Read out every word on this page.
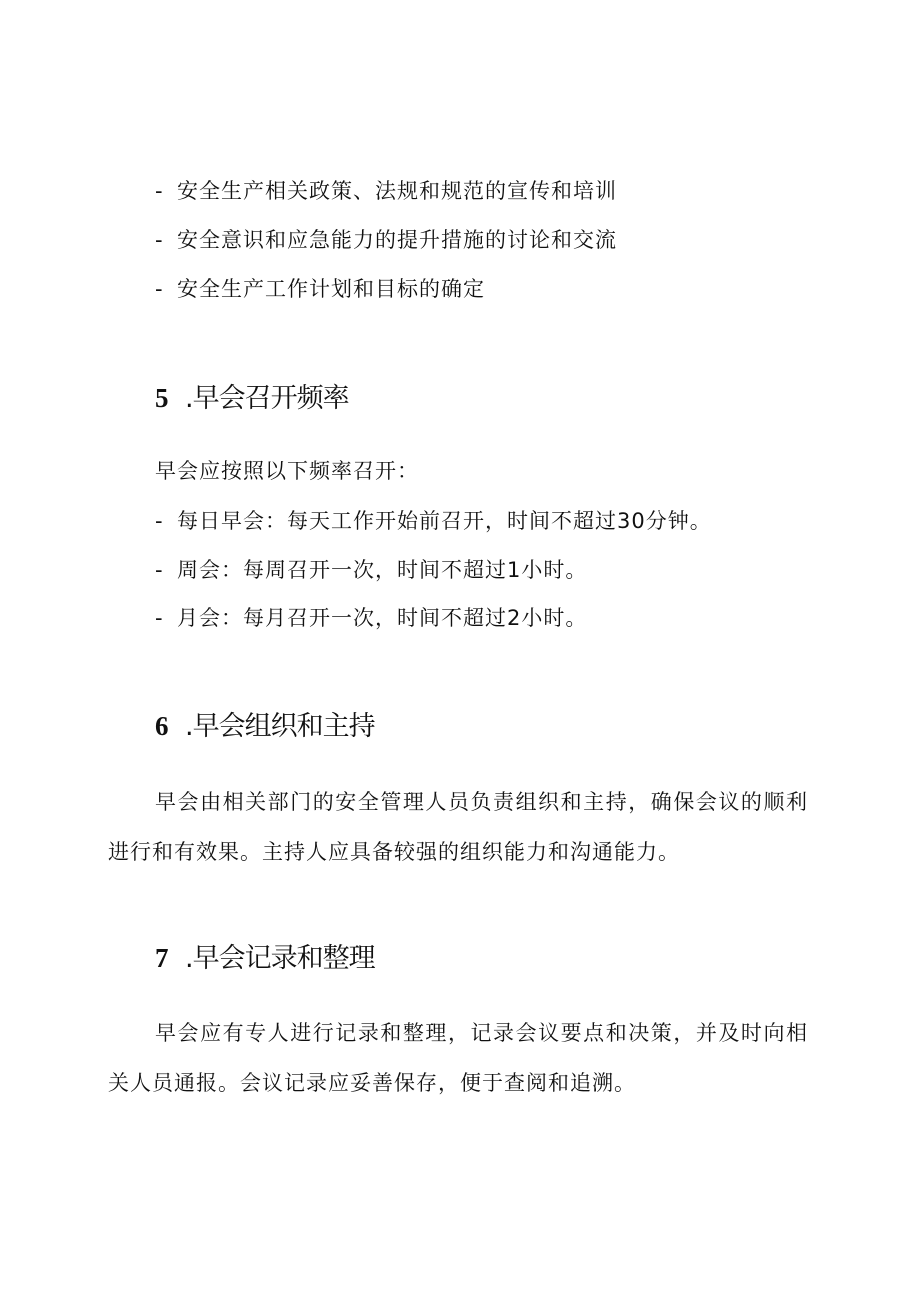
- 安全生产相关政策、法规和规范的宣传和培训
- 安全意识和应急能力的提升措施的讨论和交流
- 安全生产工作计划和目标的确定
5 .早会召开频率
早会应按照以下频率召开：
- 每日早会：每天工作开始前召开，时间不超过30分钟。
- 周会：每周召开一次，时间不超过1小时。
- 月会：每月召开一次，时间不超过2小时。
6 .早会组织和主持
早会由相关部门的安全管理人员负责组织和主持，确保会议的顺利进行和有效果。主持人应具备较强的组织能力和沟通能力。
7 .早会记录和整理
早会应有专人进行记录和整理，记录会议要点和决策，并及时向相关人员通报。会议记录应妥善保存，便于查阅和追溯。
